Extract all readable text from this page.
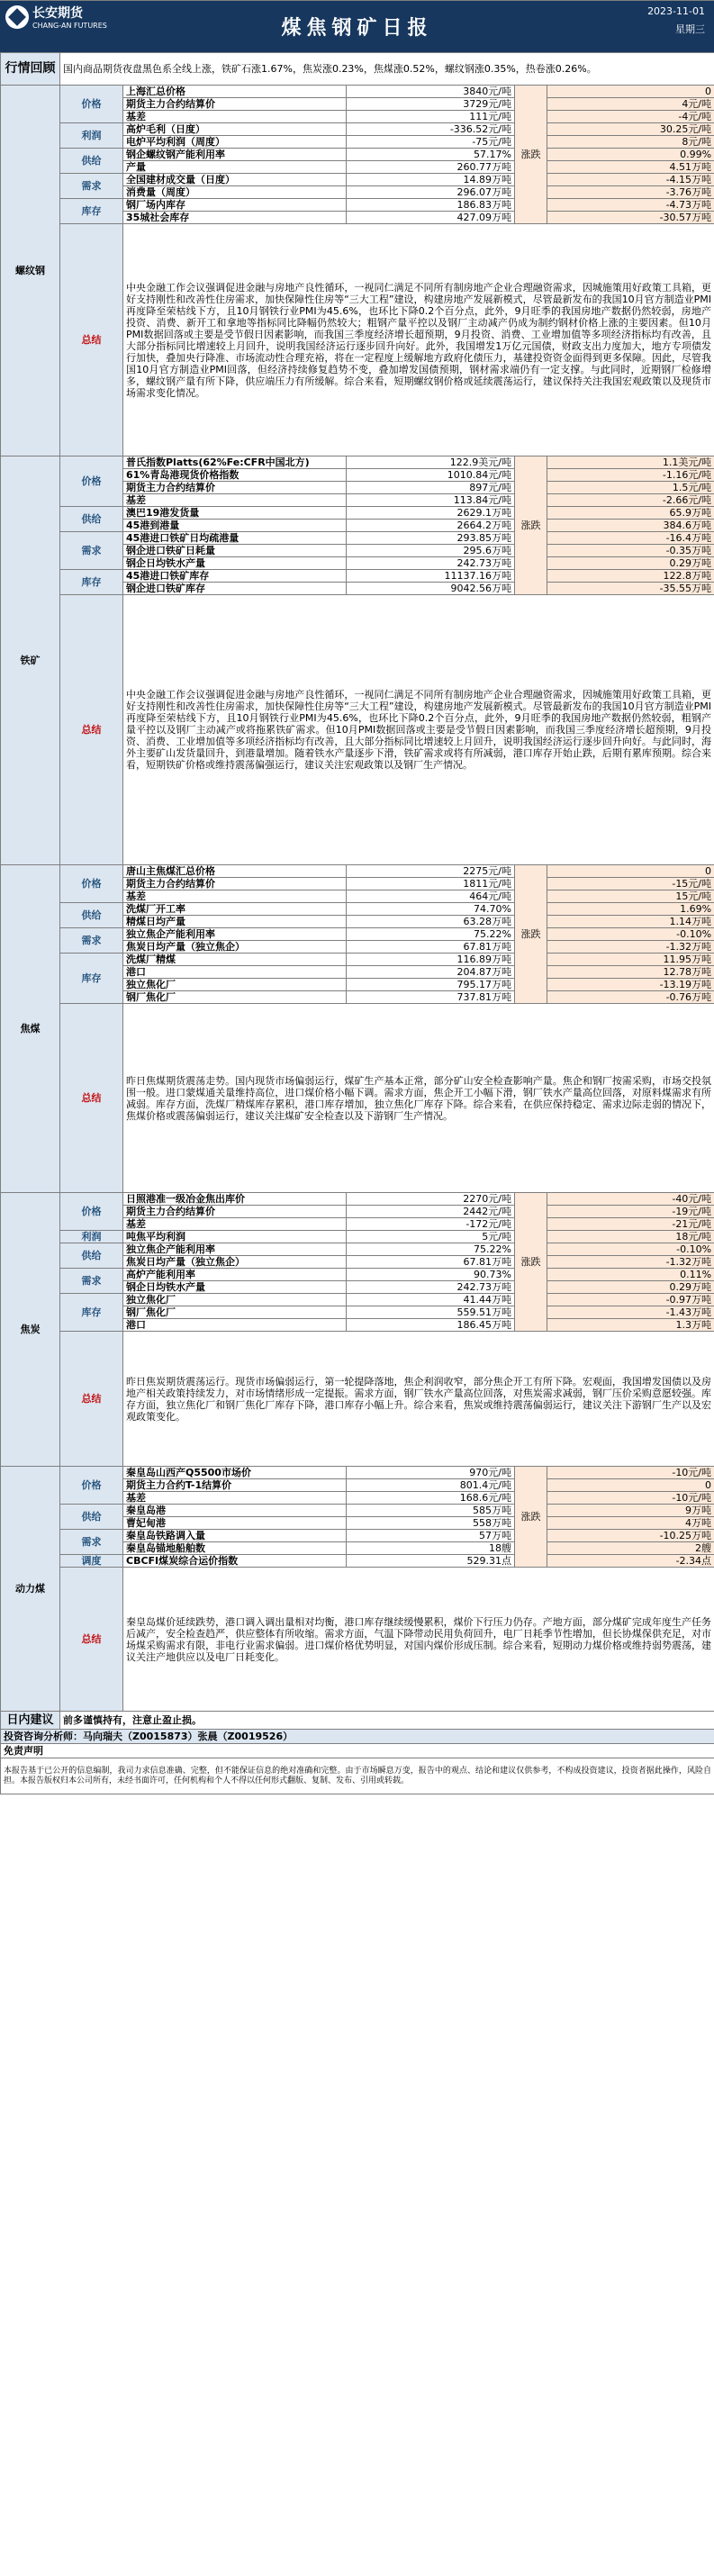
长安期货
CHANG-AN FUTURES	煤焦钢矿日报
2023-11-01
星期三
行情回顾	国内商品期货夜盘黑色系全线上涨，铁矿石涨1.67%，焦炭涨0.23%，焦煤涨0.52%，螺纹钢涨0.35%，热卷涨0.26%。				
螺纹钢	价格	上海汇总价格	3840元/吨	涨跌	0
		期货主力合约结算价	3729元/吨		4元/吨
		基差	111元/吨		-4元/吨
	利润	高炉毛利（日度）	-336.52元/吨		30.25元/吨
		电炉平均利润（周度）	-75元/吨		8元/吨
	供给	钢企螺纹钢产能利用率	57.17%		0.99%
		产量	260.77万吨		4.51万吨
	需求	全国建材成交量（日度）	14.89万吨		-4.15万吨
		消费量（周度）	296.07万吨		-3.76万吨
	库存	钢厂场内库存	186.83万吨		-4.73万吨
		35城社会库存	427.09万吨		-30.57万吨
	总结	中央金融工作会议强调促进金融与房地产良性循环，一视同仁满足不同所有制房地产企业合理融资需求，因城施策用好政策工具箱，更好支持刚性和改善性住房需求，加快保障性住房等“三大工程”建设，构建房地产发展新模式，尽管最新发布的我国10月官方制造业PMI再度降至荣枯线下方，且10月钢铁行业PMI为45.6%，也环比下降0.2个百分点，此外，9月旺季的我国房地产数据仍然较弱，房地产投资、消费、新开工和拿地等指标同比降幅仍然较大；粗钢产量平控以及钢厂主动减产仍成为制约钢材价格上涨的主要因素。但10月PMI数据回落或主要是受节假日因素影响，而我国三季度经济增长超预期，9月投资、消费、工业增加值等多项经济指标均有改善，且大部分指标同比增速较上月回升，说明我国经济运行逐步回升向好。此外，我国增发1万亿元国债，财政支出力度加大，地方专项债发行加快，叠加央行降准、市场流动性合理充裕，将在一定程度上缓解地方政府化债压力，基建投资资金面得到更多保障。因此，尽管我国10月官方制造业PMI回落，但经济持续修复趋势不变，叠加增发国债预期，钢材需求端仍有一定支撑。与此同时，近期钢厂检修增多，螺纹钢产量有所下降，供应端压力有所缓解。综合来看，短期螺纹钢价格或延续震荡运行，建议保持关注我国宏观政策以及现货市场需求变化情况。			
铁矿	价格	普氏指数Platts(62%Fe:CFR中国北方)	122.9美元/吨	涨跌	1.1美元/吨
		61%青岛港现货价格指数	1010.84元/吨		-1.16元/吨
		期货主力合约结算价	897元/吨		1.5元/吨
		基差	113.84元/吨		-2.66元/吨
	供给	澳巴19港发货量	2629.1万吨		65.9万吨
		45港到港量	2664.2万吨		384.6万吨
	需求	45港进口铁矿日均疏港量	293.85万吨		-16.4万吨
		钢企进口铁矿日耗量	295.6万吨		-0.35万吨
		钢企日均铁水产量	242.73万吨		0.29万吨
	库存	45港进口铁矿库存	11137.16万吨		122.8万吨
		钢企进口铁矿库存	9042.56万吨		-35.55万吨
	总结	中央金融工作会议强调促进金融与房地产良性循环，一视同仁满足不同所有制房地产企业合理融资需求，因城施策用好政策工具箱，更好支持刚性和改善性住房需求，加快保障性住房等“三大工程”建设，构建房地产发展新模式。尽管最新发布的我国10月官方制造业PMI再度降至荣枯线下方，且10月钢铁行业PMI为45.6%，也环比下降0.2个百分点，此外，9月旺季的我国房地产数据仍然较弱，粗钢产量平控以及钢厂主动减产或将拖累铁矿需求。但10月PMI数据回落或主要是受节假日因素影响，而我国三季度经济增长超预期，9月投资、消费、工业增加值等多项经济指标均有改善，且大部分指标同比增速较上月回升，说明我国经济运行逐步回升向好。与此同时，海外主要矿山发货量回升，到港量增加。随着铁水产量逐步下滑，铁矿需求或将有所减弱，港口库存开始止跌，后期有累库预期。综合来看，短期铁矿价格或维持震荡偏强运行，建议关注宏观政策以及钢厂生产情况。			
焦煤	价格	唐山主焦煤汇总价格	2275元/吨	涨跌	0
		期货主力合约结算价	1811元/吨		-15元/吨
		基差	464元/吨		15元/吨
	供给	洗煤厂开工率	74.70%		1.69%
		精煤日均产量	63.28万吨		1.14万吨
	需求	独立焦企产能利用率	75.22%		-0.10%
		焦炭日均产量（独立焦企）	67.81万吨		-1.32万吨
	库存	洗煤厂精煤	116.89万吨		11.95万吨
		港口	204.87万吨		12.78万吨
		独立焦化厂	795.17万吨		-13.19万吨
		钢厂焦化厂	737.81万吨		-0.76万吨
	总结	昨日焦煤期货震荡走势。国内现货市场偏弱运行，煤矿生产基本正常，部分矿山安全检查影响产量。焦企和钢厂按需采购，市场交投氛围一般。进口蒙煤通关量维持高位，进口煤价格小幅下调。需求方面，焦企开工小幅下滑，钢厂铁水产量高位回落，对原料煤需求有所减弱。库存方面，洗煤厂精煤库存累积，港口库存增加，独立焦化厂库存下降。综合来看，在供应保持稳定、需求边际走弱的情况下，焦煤价格或震荡偏弱运行，建议关注煤矿安全检查以及下游钢厂生产情况。			
焦炭	价格	日照港准一级冶金焦出库价	2270元/吨	涨跌	-40元/吨
		期货主力合约结算价	2442元/吨		-19元/吨
		基差	-172元/吨		-21元/吨
	利润	吨焦平均利润	5元/吨		18元/吨
	供给	独立焦企产能利用率	75.22%		-0.10%
		焦炭日均产量（独立焦企）	67.81万吨		-1.32万吨
	需求	高炉产能利用率	90.73%		0.11%
		钢企日均铁水产量	242.73万吨		0.29万吨
	库存	独立焦化厂	41.44万吨		-0.97万吨
		钢厂焦化厂	559.51万吨		-1.43万吨
		港口	186.45万吨		1.3万吨
	总结	昨日焦炭期货震荡运行。现货市场偏弱运行，第一轮提降落地，焦企利润收窄，部分焦企开工有所下降。宏观面，我国增发国债以及房地产相关政策持续发力，对市场情绪形成一定提振。需求方面，钢厂铁水产量高位回落，对焦炭需求减弱，钢厂压价采购意愿较强。库存方面，独立焦化厂和钢厂焦化厂库存下降，港口库存小幅上升。综合来看，焦炭或维持震荡偏弱运行，建议关注下游钢厂生产以及宏观政策变化。			
动力煤	价格	秦皇岛山西产Q5500市场价	970元/吨	涨跌	-10元/吨
		期货主力合约T-1结算价	801.4元/吨		0
		基差	168.6元/吨		-10元/吨
	供给	秦皇岛港	585万吨		9万吨
		曹妃甸港	558万吨		4万吨
	需求	秦皇岛铁路调入量	57万吨		-10.25万吨
		秦皇岛锚地船舶数	18艘		2艘
	调度	CBCFI煤炭综合运价指数	529.31点		-2.34点
	总结	秦皇岛煤价延续跌势，港口调入调出量相对均衡，港口库存继续缓慢累积，煤价下行压力仍存。产地方面，部分煤矿完成年度生产任务后减产，安全检查趋严，供应整体有所收缩。需求方面，气温下降带动民用负荷回升，电厂日耗季节性增加，但长协煤保供充足，对市场煤采购需求有限，非电行业需求偏弱。进口煤价格优势明显，对国内煤价形成压制。综合来看，短期动力煤价格或维持弱势震荡，建议关注产地供应以及电厂日耗变化。			
日内建议	前多谨慎持有，注意止盈止损。				
投资咨询分析师：马向瑞夫（Z0015873）张晨（Z0019526）					
免责声明					
本报告基于已公开的信息编制，我司力求信息准确、完整，但不能保证信息的绝对准确和完整。由于市场瞬息万变，报告中的观点、结论和建议仅供参考，不构成投资建议，投资者据此操作，风险自担。本报告版权归本公司所有，未经书面许可，任何机构和个人不得以任何形式翻版、复制、发布、引用或转载。					
